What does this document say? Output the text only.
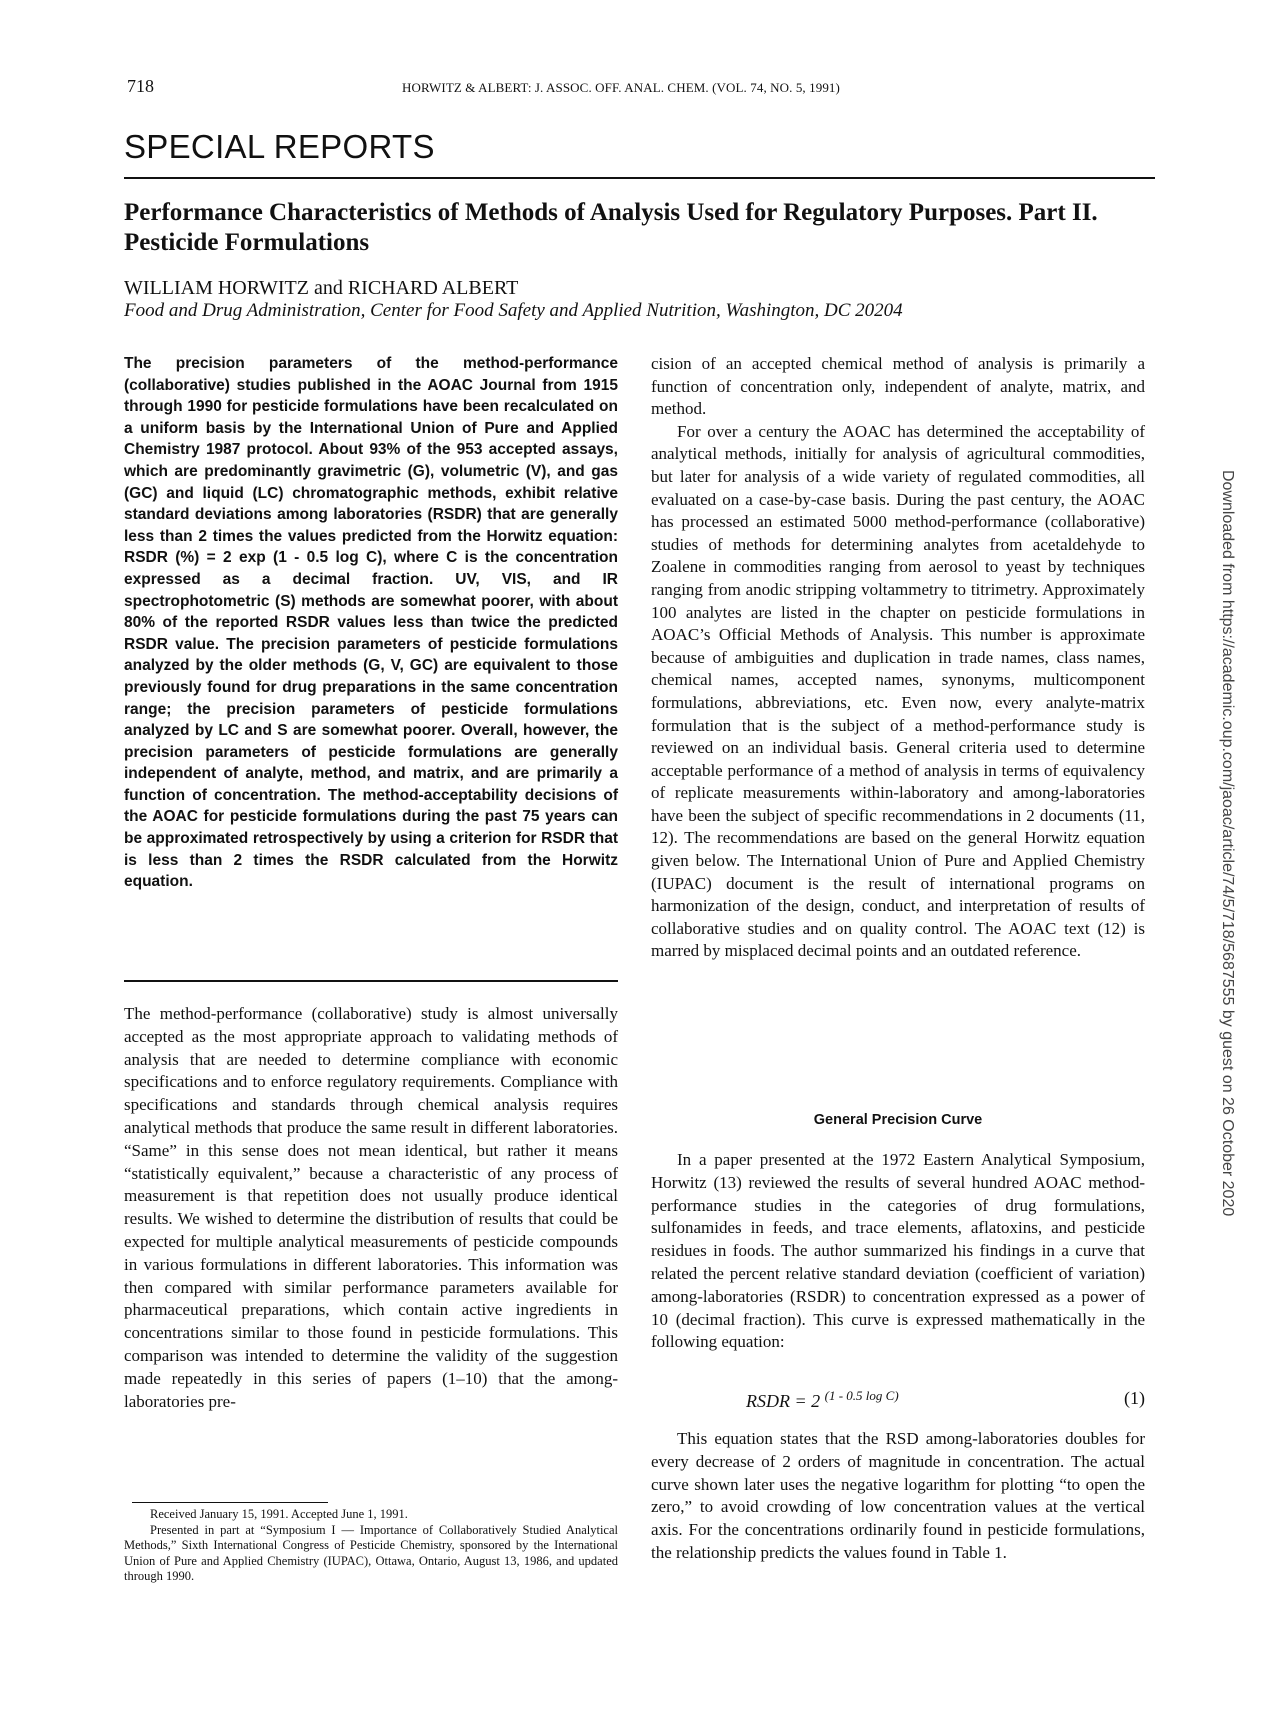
718	HORWITZ & ALBERT: J. ASSOC. OFF. ANAL. CHEM. (VOL. 74, NO. 5, 1991)
SPECIAL REPORTS
Performance Characteristics of Methods of Analysis Used for Regulatory Purposes. Part II. Pesticide Formulations
WILLIAM HORWITZ and RICHARD ALBERT
Food and Drug Administration, Center for Food Safety and Applied Nutrition, Washington, DC 20204
The precision parameters of the method-performance (collaborative) studies published in the AOAC Journal from 1915 through 1990 for pesticide formulations have been recalculated on a uniform basis by the International Union of Pure and Applied Chemistry 1987 protocol. About 93% of the 953 accepted assays, which are predominantly gravimetric (G), volumetric (V), and gas (GC) and liquid (LC) chromatographic methods, exhibit relative standard deviations among laboratories (RSDR) that are generally less than 2 times the values predicted from the Horwitz equation: RSDR (%) = 2 exp (1 - 0.5 log C), where C is the concentration expressed as a decimal fraction. UV, VIS, and IR spectrophotometric (S) methods are somewhat poorer, with about 80% of the reported RSDR values less than twice the predicted RSDR value. The precision parameters of pesticide formulations analyzed by the older methods (G, V, GC) are equivalent to those previously found for drug preparations in the same concentration range; the precision parameters of pesticide formulations analyzed by LC and S are somewhat poorer. Overall, however, the precision parameters of pesticide formulations are generally independent of analyte, method, and matrix, and are primarily a function of concentration. The method-acceptability decisions of the AOAC for pesticide formulations during the past 75 years can be approximated retrospectively by using a criterion for RSDR that is less than 2 times the RSDR calculated from the Horwitz equation.

The method-performance (collaborative) study is almost universally accepted as the most appropriate approach to validating methods of analysis that are needed to determine compliance with economic specifications and to enforce regulatory requirements. Compliance with specifications and standards through chemical analysis requires analytical methods that produce the same result in different laboratories. “Same” in this sense does not mean identical, but rather it means “statistically equivalent,” because a characteristic of any process of measurement is that repetition does not usually produce identical results. We wished to determine the distribution of results that could be expected for multiple analytical measurements of pesticide compounds in various formulations in different laboratories. This information was then compared with similar performance parameters available for pharmaceutical preparations, which contain active ingredients in concentrations similar to those found in pesticide formulations. This comparison was intended to determine the validity of the suggestion made repeatedly in this series of papers (1–10) that the among-laboratories pre-

Received January 15, 1991. Accepted June 1, 1991.

Presented in part at “Symposium I — Importance of Collaboratively Studied Analytical Methods,” Sixth International Congress of Pesticide Chemistry, sponsored by the International Union of Pure and Applied Chemistry (IUPAC), Ottawa, Ontario, August 13, 1986, and updated through 1990.

cision of an accepted chemical method of analysis is primarily a function of concentration only, independent of analyte, matrix, and method.

For over a century the AOAC has determined the acceptability of analytical methods, initially for analysis of agricultural commodities, but later for analysis of a wide variety of regulated commodities, all evaluated on a case-by-case basis. During the past century, the AOAC has processed an estimated 5000 method-performance (collaborative) studies of methods for determining analytes from acetaldehyde to Zoalene in commodities ranging from aerosol to yeast by techniques ranging from anodic stripping voltammetry to titrimetry. Approximately 100 analytes are listed in the chapter on pesticide formulations in AOAC’s Official Methods of Analysis. This number is approximate because of ambiguities and duplication in trade names, class names, chemical names, accepted names, synonyms, multicomponent formulations, abbreviations, etc. Even now, every analyte-matrix formulation that is the subject of a method-performance study is reviewed on an individual basis. General criteria used to determine acceptable performance of a method of analysis in terms of equivalency of replicate measurements within-laboratory and among-laboratories have been the subject of specific recommendations in 2 documents (11, 12). The recommendations are based on the general Horwitz equation given below. The International Union of Pure and Applied Chemistry (IUPAC) document is the result of international programs on harmonization of the design, conduct, and interpretation of results of collaborative studies and on quality control. The AOAC text (12) is marred by misplaced decimal points and an outdated reference.

General Precision Curve

In a paper presented at the 1972 Eastern Analytical Symposium, Horwitz (13) reviewed the results of several hundred AOAC method-performance studies in the categories of drug formulations, sulfonamides in feeds, and trace elements, aflatoxins, and pesticide residues in foods. The author summarized his findings in a curve that related the percent relative standard deviation (coefficient of variation) among-laboratories (RSDR) to concentration expressed as a power of 10 (decimal fraction). This curve is expressed mathematically in the following equation:

RSDR = 2 $^{(1 - 0.5 log C)}$	(1)

This equation states that the RSD among-laboratories doubles for every decrease of 2 orders of magnitude in concentration. The actual curve shown later uses the negative logarithm for plotting “to open the zero,” to avoid crowding of low concentration values at the vertical axis. For the concentrations ordinarily found in pesticide formulations, the relationship predicts the values found in Table 1.

Downloaded from https://academic.oup.com/jaoac/article/74/5/718/5687555 by guest on 26 October 2020
